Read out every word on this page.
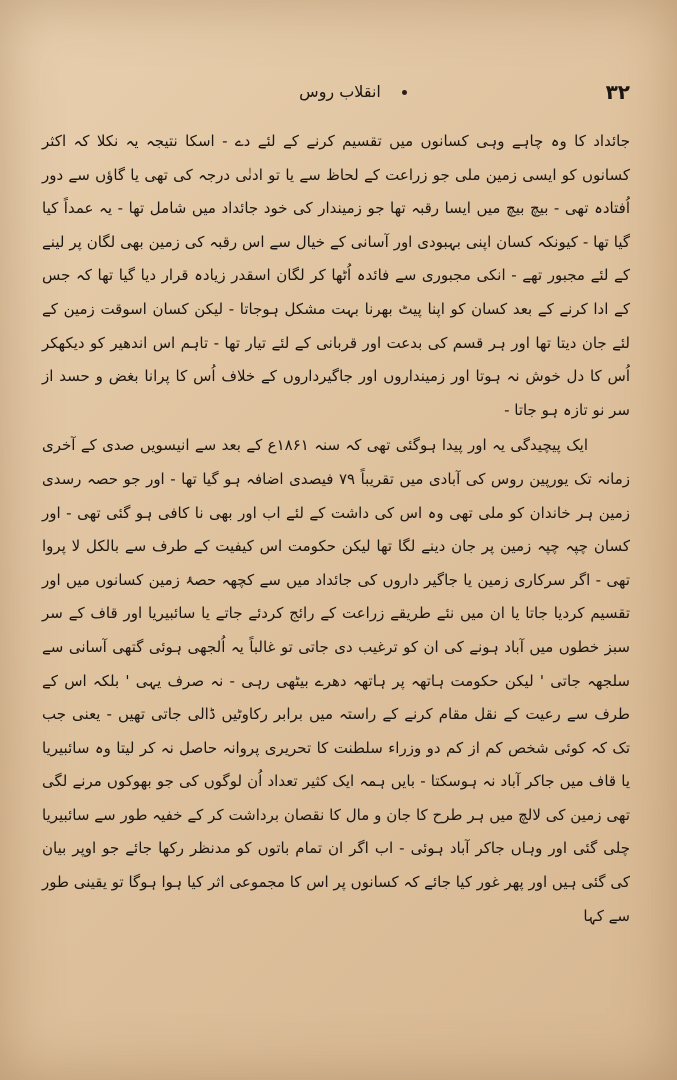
۳۲
انقلاب روس

جائداد کا وہ چاہے وہی کسانوں میں تقسیم کرنے کے لئے دے - اسکا نتیجہ یہ نکلا کہ اکثر کسانوں کو ایسی زمین ملی جو زراعت کے لحاظ سے یا تو ادنٰی درجہ کی تھی یا گاؤں سے دور اُفتادہ تھی - بیچ بیچ میں ایسا رقبہ تھا جو زمیندار کی خود جائداد میں شامل تھا - یہ عمداً کیا گیا تھا - کیونکہ کسان اپنی بہبودی اور آسانی کے خیال سے اس رقبہ کی زمین بھی لگان پر لینے کے لئے مجبور تھے - انکی مجبوری سے فائدہ اُٹھا کر لگان اسقدر زیادہ قرار دیا گیا تھا کہ جس کے ادا کرنے کے بعد کسان کو اپنا پیٹ بھرنا بہت مشکل ہوجاتا - لیکن کسان اسوقت زمین کے لئے جان دیتا تھا اور ہر قسم کی بدعت اور قربانی کے لئے تیار تھا - تاہم اس اندھیر کو دیکھکر اُس کا دل خوش نہ ہوتا اور زمینداروں اور جاگیرداروں کے خلاف اُس کا پرانا بغض و حسد از سر نو تازہ ہو جاتا -

ایک پیچیدگی یہ اور پیدا ہوگئی تھی کہ سنہ ۱۸۶۱ع کے بعد سے انیسویں صدی کے آخری زمانہ تک یورپین روس کی آبادی میں تقریباً ۷۹ فیصدی اضافہ ہو گیا تھا - اور جو حصہ رسدی زمین ہر خاندان کو ملی تھی وہ اس کی داشت کے لئے اب اور بھی نا کافی ہو گئی تھی - اور کسان چپہ چپہ زمین پر جان دینے لگا تھا لیکن حکومت اس کیفیت کے طرف سے بالکل لا پروا تھی - اگر سرکاری زمین یا جاگیر داروں کی جائداد میں سے کچھہ حصۂ زمین کسانوں میں اور تقسیم کردیا جاتا یا ان میں نئے طریقے زراعت کے رائج کردئے جاتے یا سائبیریا اور قاف کے سر سبز خطوں میں آباد ہونے کی ان کو ترغیب دی جاتی تو غالباً یہ اُلجھی ہوئی گتھی آسانی سے سلجھہ جاتی ' لیکن حکومت ہاتھہ پر ہاتھہ دھرے بیٹھی رہی - نہ صرف یہی ' بلکہ اس کے طرف سے رعیت کے نقل مقام کرنے کے راستہ میں برابر رکاوٹیں ڈالی جاتی تھیں - یعنی جب تک کہ کوئی شخص کم از کم دو وزراء سلطنت کا تحریری پروانہ حاصل نہ کر لیتا وہ سائبیریا یا قاف میں جاکر آباد نہ ہوسکتا - بایں ہمہ ایک کثیر تعداد اُن لوگوں کی جو بھوکوں مرنے لگی تھی زمین کی لالچ میں ہر طرح کا جان و مال کا نقصان برداشت کر کے خفیہ طور سے سائبیریا چلی گئی اور وہاں جاکر آباد ہوئی - اب اگر ان تمام باتوں کو مدنظر رکھا جائے جو اوپر بیان کی گئی ہیں اور پھر غور کیا جائے کہ کسانوں پر اس کا مجموعی اثر کیا ہوا ہوگا تو یقینی طور سے کہا
